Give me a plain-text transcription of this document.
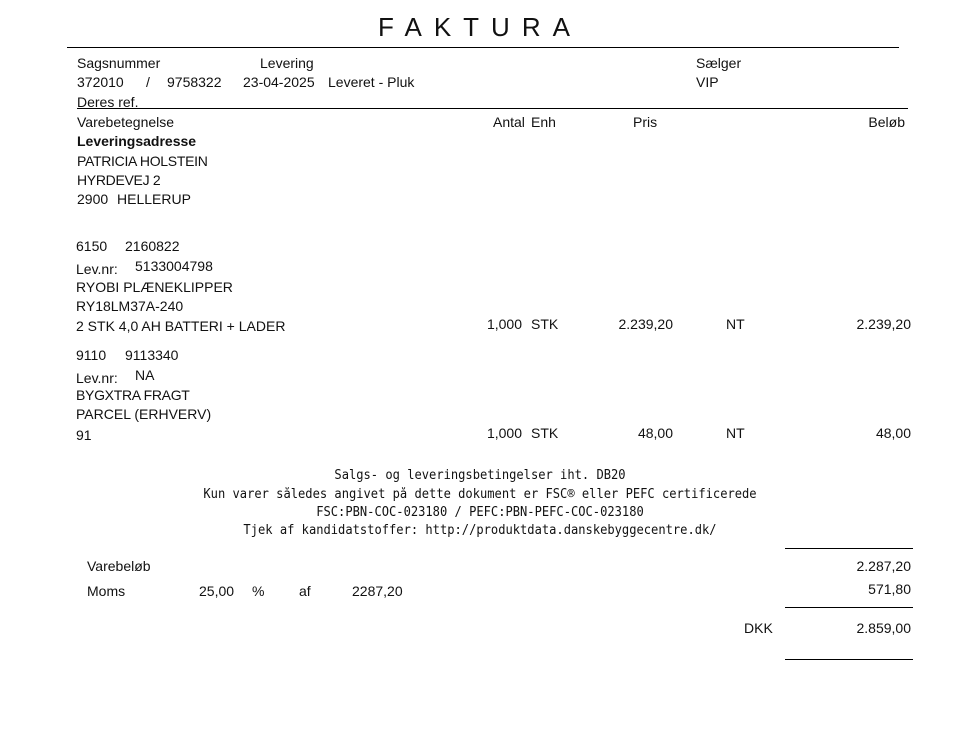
FAKTURA
Sagsnummer	Levering	Sælger
372010 / 9758322 23-04-2025 Leveret - Pluk	VIP
Deres ref.
Varebetegnelse	Antal Enh	Pris	Beløb
Leveringsadresse
PATRICIA HOLSTEIN
HYRDEVEJ 2
2900 HELLERUP
6150 2160822
Lev.nr: 5133004798
RYOBI PLÆNEKLIPPER
RY18LM37A-240
2 STK 4,0 AH BATTERI + LADER	1,000 STK	2.239,20	NT	2.239,20
9110 9113340
Lev.nr: NA
BYGXTRA FRAGT
PARCEL (ERHVERV)
91	1,000 STK	48,00	NT	48,00
Salgs- og leveringsbetingelser iht. DB20
Kun varer således angivet på dette dokument er FSC® eller PEFC certificerede
FSC:PBN-COC-023180 / PEFC:PBN-PEFC-COC-023180
Tjek af kandidatstoffer: http://produktdata.danskebyggecentre.dk/
Varebeløb	2.287,20
Moms	25,00 % af	2287,20	571,80
DKK	2.859,00
